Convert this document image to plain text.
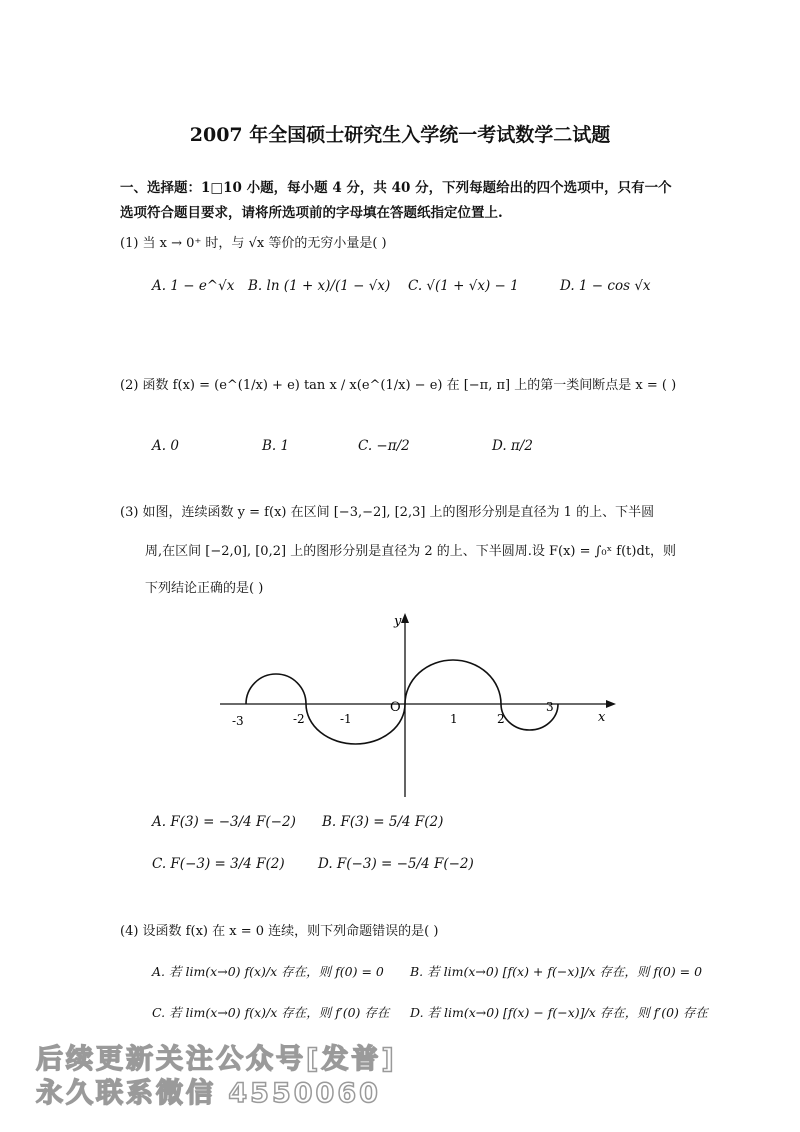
2007 年全国硕士研究生入学统一考试数学二试题
一、选择题：1□10 小题，每小题 4 分，共 40 分，下列每题给出的四个选项中，只有一个
选项符合题目要求，请将所选项前的字母填在答题纸指定位置上.
(1) 当 x → 0⁺ 时，与 √x 等价的无穷小量是( )
A. 1 − e^√x B. ln (1 + x)/(1 − √x) C. √(1 + √x) − 1	D. 1 − cos √x
(2) 函数 f(x) = (e^(1/x) + e) tan x / x(e^(1/x) − e) 在 [−π, π] 上的第一类间断点是 x = ( )
A. 0	B. 1	C. −π/2	D. π/2
(3) 如图，连续函数 y = f(x) 在区间 [−3,−2], [2,3] 上的图形分别是直径为 1 的上、下半圆
周,在区间 [−2,0], [0,2] 上的图形分别是直径为 2 的上、下半圆周.设 F(x) = ∫₀ˣ f(t)dt，则
下列结论正确的是( )
y
x
O
-3	-2	-1	1	2
3
A. F(3) = −3/4 F(−2) B. F(3) = 5/4 F(2)
C. F(−3) = 3/4 F(2) D. F(−3) = −5/4 F(−2)
(4) 设函数 f(x) 在 x = 0 连续，则下列命题错误的是( )
A. 若 lim(x→0) f(x)/x 存在，则 f(0) = 0 B. 若 lim(x→0) [f(x) + f(−x)]/x 存在，则 f(0) = 0
C. 若 lim(x→0) f(x)/x 存在，则 f′(0) 存在 D. 若 lim(x→0) [f(x) − f(−x)]/x 存在，则 f′(0) 存在
后续更新关注公众号[发普]
永久联系微信 4550060
